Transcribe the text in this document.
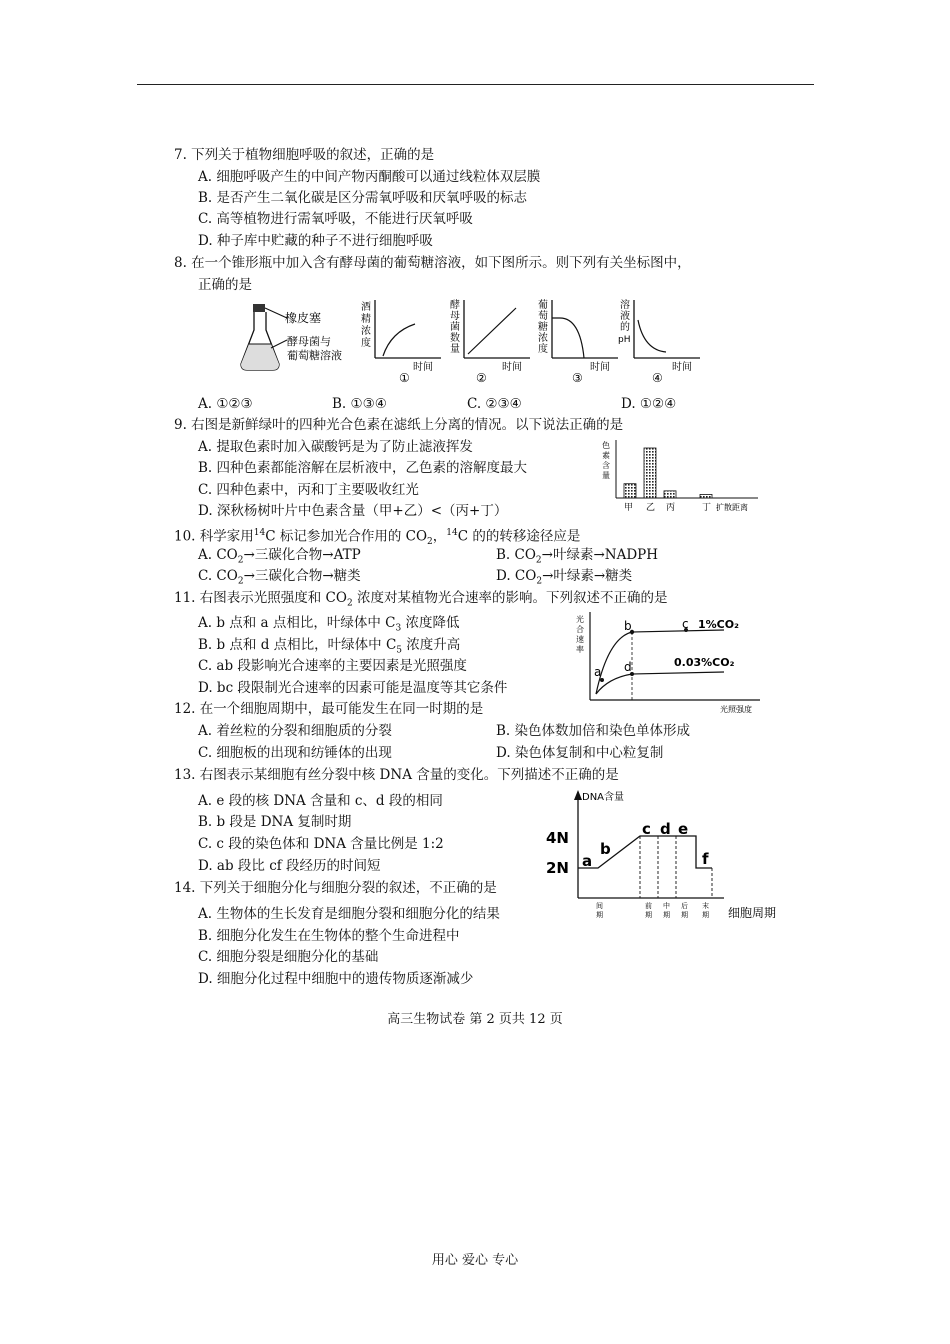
7. 下列关于植物细胞呼吸的叙述，正确的是
A. 细胞呼吸产生的中间产物丙酮酸可以通过线粒体双层膜
B. 是否产生二氧化碳是区分需氧呼吸和厌氧呼吸的标志
C. 高等植物进行需氧呼吸，不能进行厌氧呼吸
D. 种子库中贮藏的种子不进行细胞呼吸
8. 在一个锥形瓶中加入含有酵母菌的葡萄糖溶液，如下图所示。则下列有关坐标图中，
正确的是
橡皮塞
酵母菌与
葡萄糖溶液
酒
精
浓
度
时间
①
酵
母
菌
数
量
时间
②
葡
萄
糖
浓
度
时间
③
溶
液
的
pH
时间
④
A. ①②③	B. ①③④	C. ②③④	D. ①②④
9. 右图是新鲜绿叶的四种光合色素在滤纸上分离的情况。以下说法正确的是
A. 提取色素时加入碳酸钙是为了防止滤液挥发
B. 四种色素都能溶解在层析液中，乙色素的溶解度最大
C. 四种色素中，丙和丁主要吸收红光
D. 深秋杨树叶片中色素含量（甲+乙）<（丙+丁）
色
素
含
量
甲 乙 丙	丁 扩散距离
10. 科学家用$^{14}$C 标记参加光合作用的 $CO_2$，$^{14}$C 的的转移途径应是
A. $CO_2\to$三碳化合物→ATP	B. $CO_2\to$叶绿素→NADPH
C. $CO_2\to$三碳化合物→糖类	D. $CO_2\to$叶绿素→糖类
11. 右图表示光照强度和 $CO_2$ 浓度对某植物光合速率的影响。下列叙述不正确的是
A. b 点和 a 点相比，叶绿体中 $C_3$ 浓度降低
B. b 点和 d 点相比，叶绿体中 $C_5$ 浓度升高
C. ab 段影响光合速率的主要因素是光照强度
D. bc 段限制光合速率的因素可能是温度等其它条件
光
合
速
率
a
b	c
d
1%CO₂
0.03%CO₂
光照强度
12. 在一个细胞周期中，最可能发生在同一时期的是
A. 着丝粒的分裂和细胞质的分裂	B. 染色体数加倍和染色单体形成
C. 细胞板的出现和纺锤体的出现	D. 染色体复制和中心粒复制
13. 右图表示某细胞有丝分裂中核 DNA 含量的变化。下列描述不正确的是
A. e 段的核 DNA 含量和 c、d 段的相同
B. b 段是 DNA 复制时期
C. c 段的染色体和 DNA 含量比例是 1:2
D. ab 段比 cf 段经历的时间短
DNA含量
4N
2N a
b
c d e
f
间
期
前
期
中
期
后
期
末
期 细胞周期
14. 下列关于细胞分化与细胞分裂的叙述，不正确的是
A. 生物体的生长发育是细胞分裂和细胞分化的结果
B. 细胞分化发生在生物体的整个生命进程中
C. 细胞分裂是细胞分化的基础
D. 细胞分化过程中细胞中的遗传物质逐渐减少
高三生物试卷 第 2 页共 12 页
用心 爱心 专心
